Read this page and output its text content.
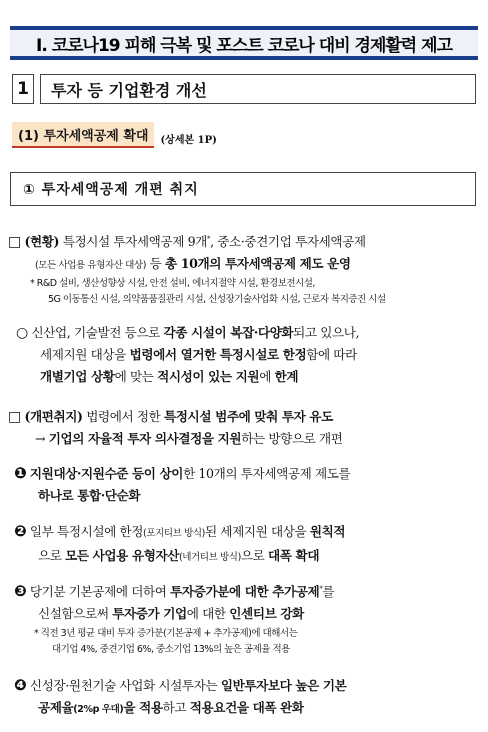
Ⅰ. 코로나19 피해 극복 및 포스트 코로나 대비 경제활력 제고
1	투자 등 기업환경 개선
(1) 투자세액공제 확대	(상세본 1P)
① 투자세액공제 개편 취지
□ (현황) 특정시설 투자세액공제 9개*, 중소·중견기업 투자세액공제
(모든 사업용 유형자산 대상) 등 총 10개의 투자세액공제 제도 운영
* R&D 설비, 생산성향상 시설, 안전 설비, 에너지절약 시설, 환경보전시설,
5G 이동통신 시설, 의약품품질관리 시설, 신성장기술사업화 시설, 근로자 복지증진 시설
○ 신산업, 기술발전 등으로 각종 시설이 복잡·다양화되고 있으나,
세제지원 대상을 법령에서 열거한 특정시설로 한정함에 따라
개별기업 상황에 맞는 적시성이 있는 지원에 한계
□ (개편취지) 법령에서 정한 특정시설 범주에 맞춰 투자 유도
→ 기업의 자율적 투자 의사결정을 지원하는 방향으로 개편
❶ 지원대상·지원수준 등이 상이한 10개의 투자세액공제 제도를
하나로 통합·단순화
❷ 일부 특정시설에 한정(포지티브 방식)된 세제지원 대상을 원칙적
으로 모든 사업용 유형자산(네거티브 방식)으로 대폭 확대
❸ 당기분 기본공제에 더하여 투자증가분에 대한 추가공제*를
신설함으로써 투자증가 기업에 대한 인센티브 강화
* 직전 3년 평균 대비 투자 증가분(기본공제 + 추가공제)에 대해서는
대기업 4%, 중견기업 6%, 중소기업 13%의 높은 공제율 적용
❹ 신성장·원천기술 사업화 시설투자는 일반투자보다 높은 기본
공제율(2%p 우대)을 적용하고 적용요건을 대폭 완화
